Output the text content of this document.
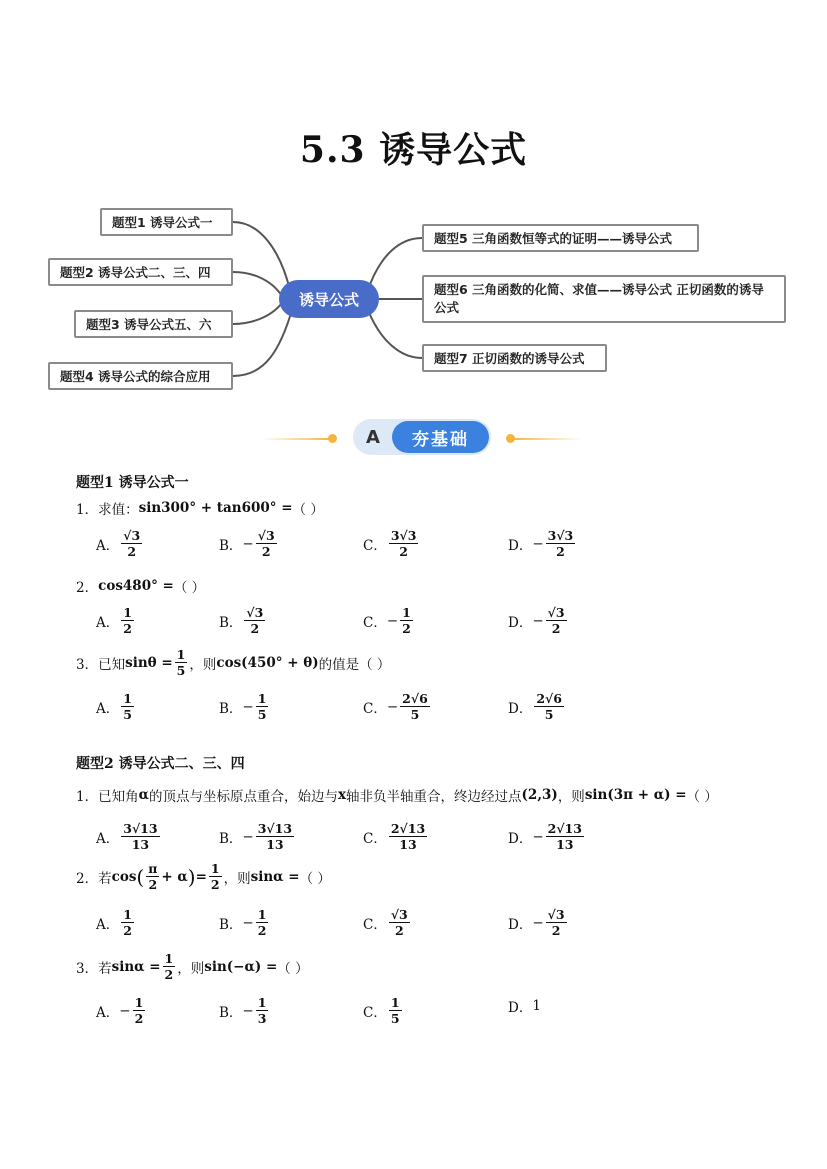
5.3 诱导公式
题型1 诱导公式一
题型2 诱导公式二、三、四
题型3 诱导公式五、六
题型4 诱导公式的综合应用
诱导公式
题型5 三角函数恒等式的证明——诱导公式
题型6 三角函数的化简、求值——诱导公式 正切函数的诱导公式
题型7 正切函数的诱导公式
A	夯基础
题型1 诱导公式一
1．求值： sin300° + tan600° = （ ）
A． $\frac{√3}{2}$	B． − $\frac{√3}{2}$	C． $\frac{3√3}{2}$	D． − $\frac{3√3}{2}$
2． cos480° = （ ）
A． $\frac{1}{2}$	B． $\frac{√3}{2}$	C． − $\frac{1}{2}$	D． − $\frac{√3}{2}$
3．已知 $\sin\theta = \frac{1}{5}$ ，则 cos(450° + θ) 的值是（ ）
A． $\frac{1}{5}$	B． − $\frac{1}{5}$	C． − $\frac{2√6}{5}$	D． $\frac{2√6}{5}$
题型2 诱导公式二、三、四
1．已知角 α 的顶点与坐标原点重合，始边与 x 轴非负半轴重合，终边经过点 (2,3) ，则 sin(3π + α) = （ ）
A． $\frac{3√13}{13}$	B． − $\frac{3√13}{13}$	C． $\frac{2√13}{13}$	D． − $\frac{2√13}{13}$
2．若 cos ( $\frac{\pi}{2} + \alpha$ ) = $\frac{1}{2}$ ，则 sinα = （ ）
A． $\frac{1}{2}$	B． − $\frac{1}{2}$	C． $\frac{√3}{2}$	D． − $\frac{√3}{2}$
3．若 $\sin\alpha = \frac{1}{2}$ ，则 sin(−α) = （ ）
A． − $\frac{1}{2}$	B． − $\frac{1}{3}$	C． $\frac{1}{5}$	D． 1
